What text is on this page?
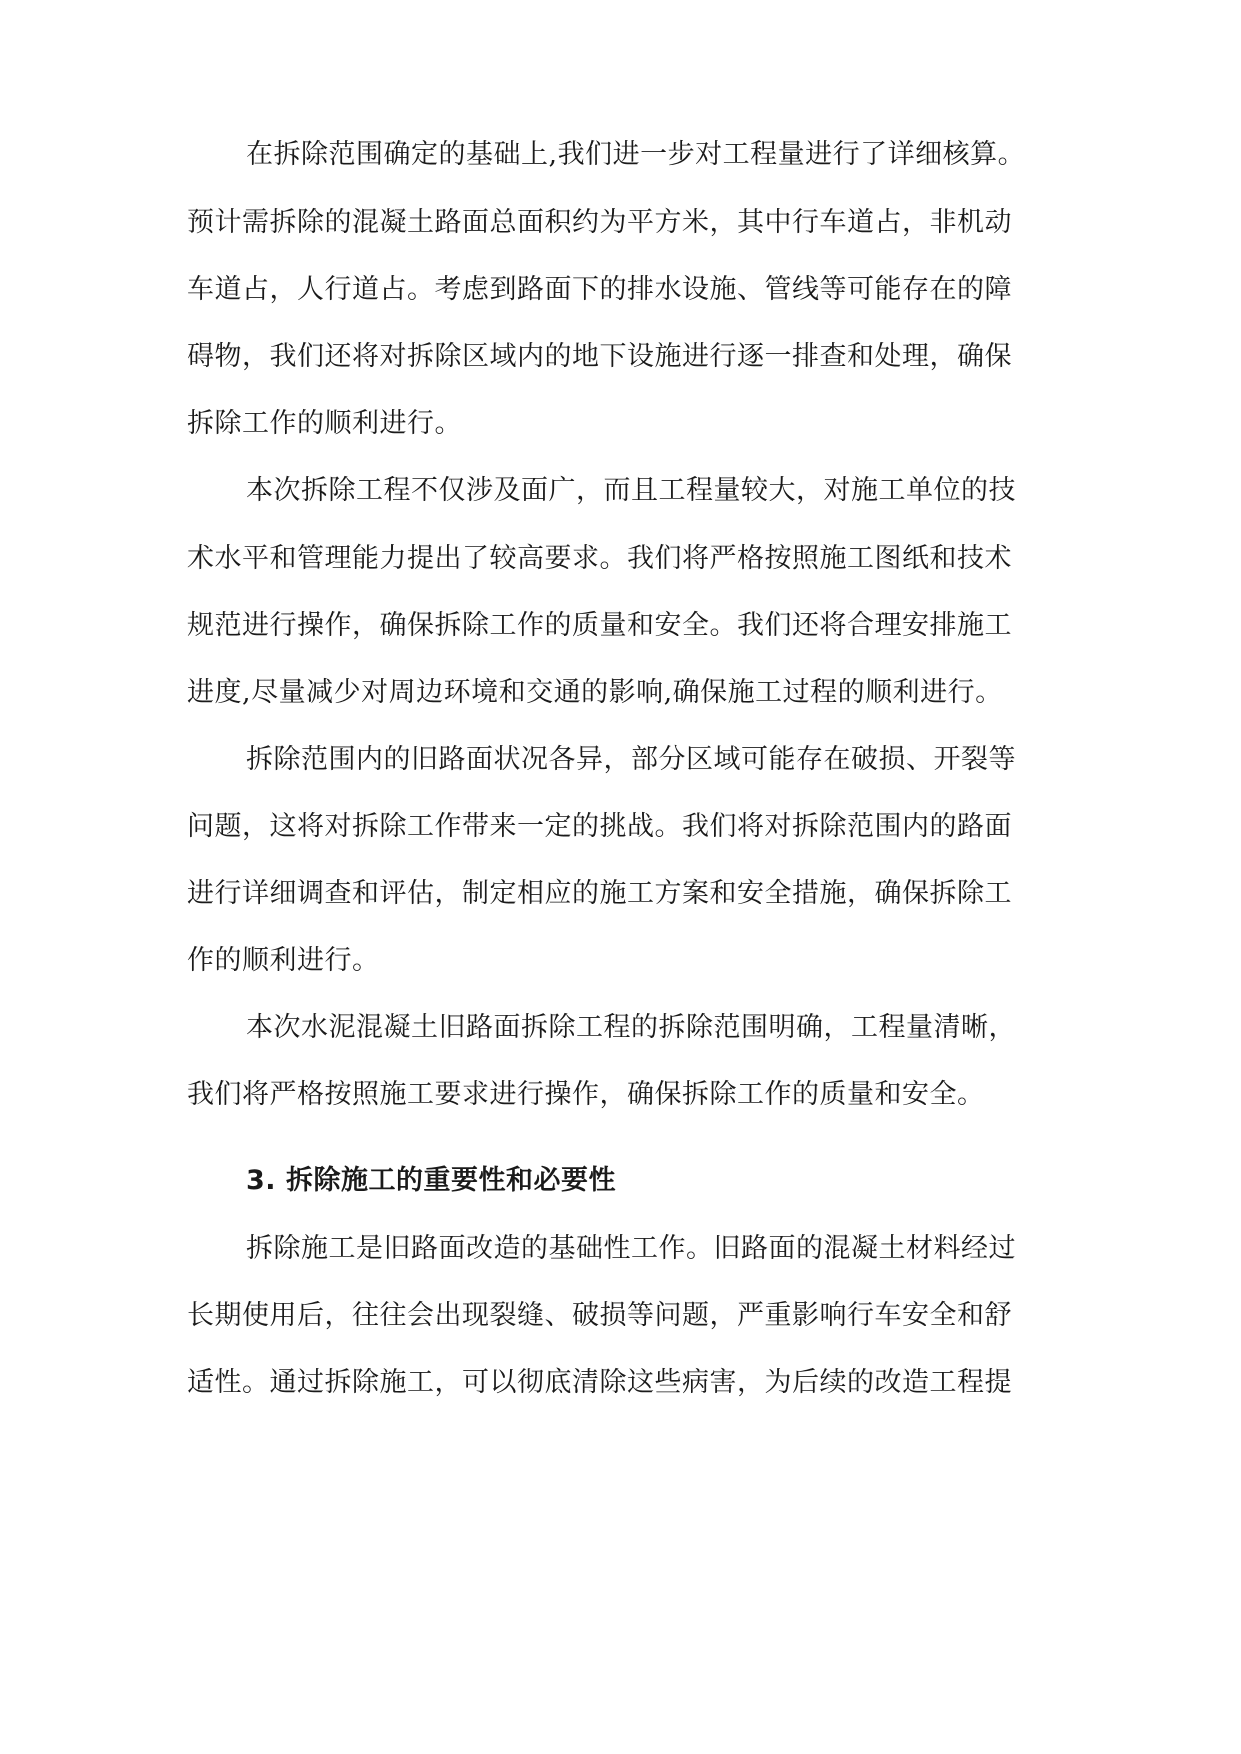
在拆除范围确定的基础上,我们进一步对工程量进行了详细核算。
预计需拆除的混凝土路面总面积约为平方米，其中行车道占，非机动
车道占，人行道占。考虑到路面下的排水设施、管线等可能存在的障
碍物，我们还将对拆除区域内的地下设施进行逐一排查和处理，确保
拆除工作的顺利进行。
本次拆除工程不仅涉及面广，而且工程量较大，对施工单位的技
术水平和管理能力提出了较高要求。我们将严格按照施工图纸和技术
规范进行操作，确保拆除工作的质量和安全。我们还将合理安排施工
进度,尽量减少对周边环境和交通的影响,确保施工过程的顺利进行。
拆除范围内的旧路面状况各异，部分区域可能存在破损、开裂等
问题，这将对拆除工作带来一定的挑战。我们将对拆除范围内的路面
进行详细调查和评估，制定相应的施工方案和安全措施，确保拆除工
作的顺利进行。
本次水泥混凝土旧路面拆除工程的拆除范围明确，工程量清晰，
我们将严格按照施工要求进行操作，确保拆除工作的质量和安全。
3. 拆除施工的重要性和必要性
拆除施工是旧路面改造的基础性工作。旧路面的混凝土材料经过
长期使用后，往往会出现裂缝、破损等问题，严重影响行车安全和舒
适性。通过拆除施工，可以彻底清除这些病害，为后续的改造工程提
